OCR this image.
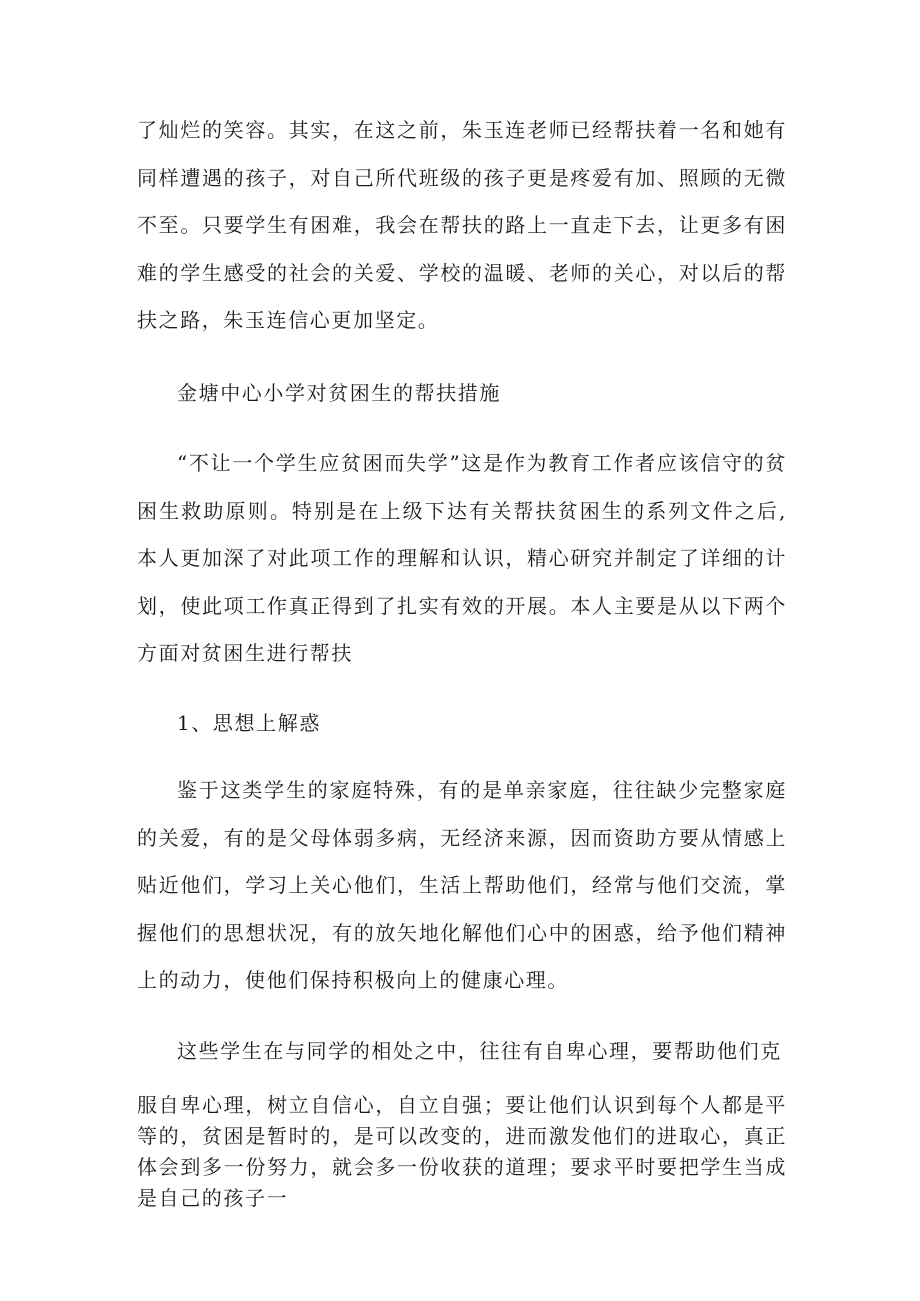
了灿烂的笑容。其实，在这之前，朱玉连老师已经帮扶着一名和她有同样遭遇的孩子，对自己所代班级的孩子更是疼爱有加、照顾的无微不至。只要学生有困难，我会在帮扶的路上一直走下去，让更多有困难的学生感受的社会的关爱、学校的温暖、老师的关心，对以后的帮扶之路，朱玉连信心更加坚定。

金塘中心小学对贫困生的帮扶措施

“不让一个学生应贫困而失学”这是作为教育工作者应该信守的贫困生救助原则。特别是在上级下达有关帮扶贫困生的系列文件之后,本人更加深了对此项工作的理解和认识，精心研究并制定了详细的计划，使此项工作真正得到了扎实有效的开展。本人主要是从以下两个方面对贫困生进行帮扶

1、思想上解惑

鉴于这类学生的家庭特殊，有的是单亲家庭，往往缺少完整家庭的关爱，有的是父母体弱多病，无经济来源，因而资助方要从情感上贴近他们，学习上关心他们，生活上帮助他们，经常与他们交流，掌握他们的思想状况，有的放矢地化解他们心中的困惑，给予他们精神上的动力，使他们保持积极向上的健康心理。

这些学生在与同学的相处之中，往往有自卑心理，要帮助他们克

服自卑心理，树立自信心，自立自强；要让他们认识到每个人都是平等的，贫困是暂时的，是可以改变的，进而激发他们的进取心，真正体会到多一份努力，就会多一份收获的道理；要求平时要把学生当成是自己的孩子一
